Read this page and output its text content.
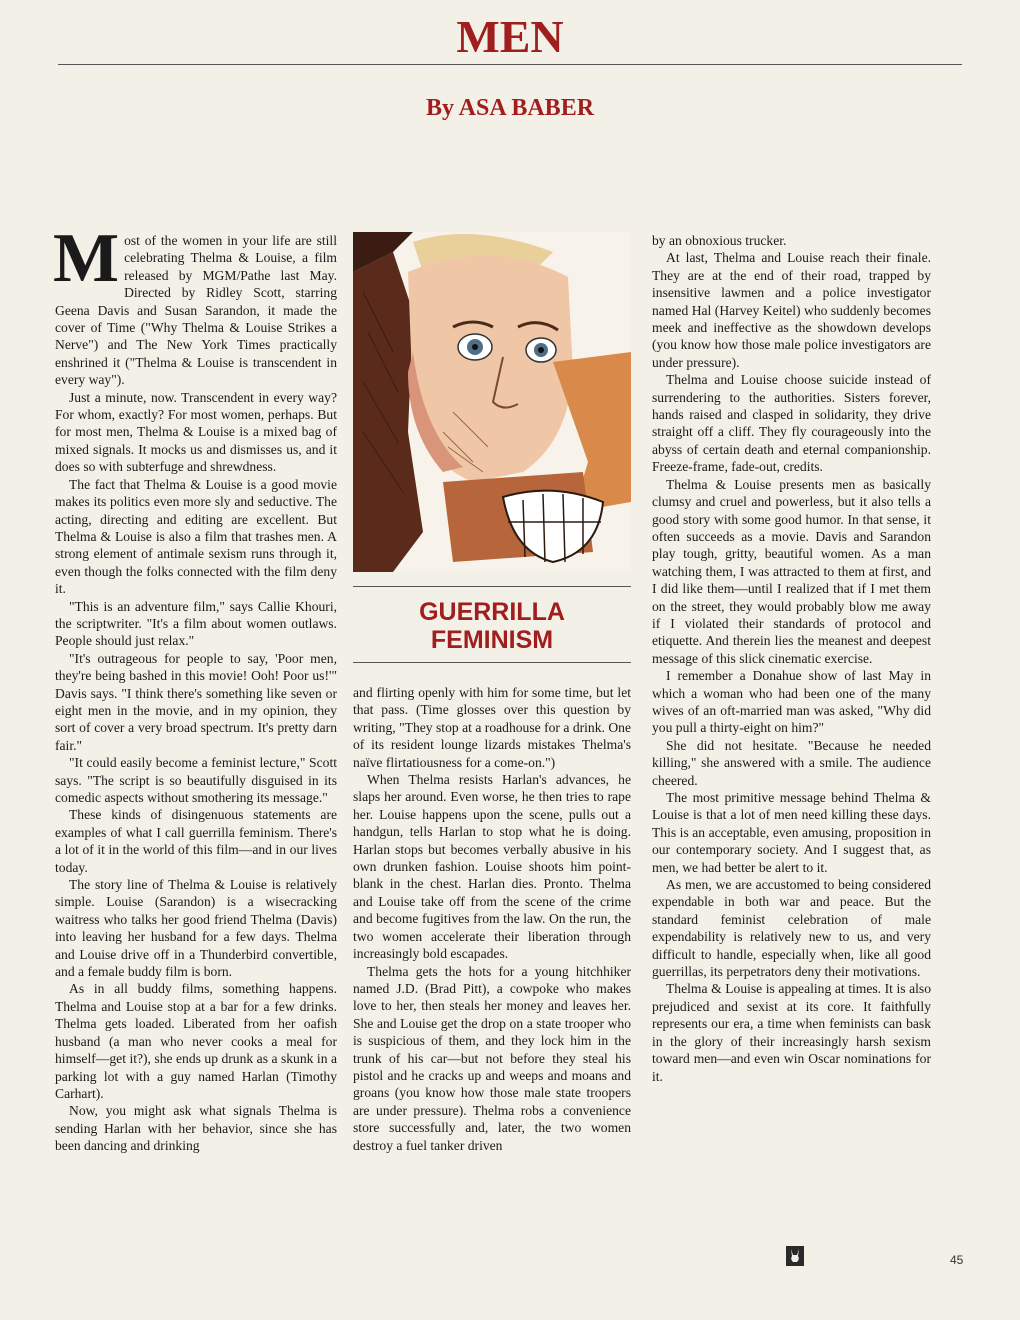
MEN
By ASA BABER
M ost of the women in your life are still celebrating Thelma & Louise, a film released by MGM/Pathe last May. Directed by Ridley Scott, starring Geena Davis and Susan Sarandon, it made the cover of Time ("Why Thelma & Louise Strikes a Nerve") and The New York Times practically enshrined it ("Thelma & Louise is transcendent in every way").

Just a minute, now. Transcendent in every way? For whom, exactly? For most women, perhaps. But for most men, Thelma & Louise is a mixed bag of mixed signals. It mocks us and dismisses us, and it does so with subterfuge and shrewdness.

The fact that Thelma & Louise is a good movie makes its politics even more sly and seductive. The acting, directing and editing are excellent. But Thelma & Louise is also a film that trashes men. A strong element of antimale sexism runs through it, even though the folks connected with the film deny it.

"This is an adventure film," says Callie Khouri, the scriptwriter. "It's a film about women outlaws. People should just relax."

"It's outrageous for people to say, 'Poor men, they're being bashed in this movie! Ooh! Poor us!'" Davis says. "I think there's something like seven or eight men in the movie, and in my opinion, they sort of cover a very broad spectrum. It's pretty darn fair."

"It could easily become a feminist lecture," Scott says. "The script is so beautifully disguised in its comedic aspects without smothering its message."

These kinds of disingenuous statements are examples of what I call guerrilla feminism. There's a lot of it in the world of this film—and in our lives today.

The story line of Thelma & Louise is relatively simple. Louise (Sarandon) is a wisecracking waitress who talks her good friend Thelma (Davis) into leaving her husband for a few days. Thelma and Louise drive off in a Thunderbird convertible, and a female buddy film is born.

As in all buddy films, something happens. Thelma and Louise stop at a bar for a few drinks. Thelma gets loaded. Liberated from her oafish husband (a man who never cooks a meal for himself—get it?), she ends up drunk as a skunk in a parking lot with a guy named Harlan (Timothy Carhart).

Now, you might ask what signals Thelma is sending Harlan with her behavior, since she has been dancing and drinking

GUERRILLA
FEMINISM

and flirting openly with him for some time, but let that pass. (Time glosses over this question by writing, "They stop at a roadhouse for a drink. One of its resident lounge lizards mistakes Thelma's naïve flirtatiousness for a come-on.")

When Thelma resists Harlan's advances, he slaps her around. Even worse, he then tries to rape her. Louise happens upon the scene, pulls out a handgun, tells Harlan to stop what he is doing. Harlan stops but becomes verbally abusive in his own drunken fashion. Louise shoots him point-blank in the chest. Harlan dies. Pronto. Thelma and Louise take off from the scene of the crime and become fugitives from the law. On the run, the two women accelerate their liberation through increasingly bold escapades.

Thelma gets the hots for a young hitchhiker named J.D. (Brad Pitt), a cowpoke who makes love to her, then steals her money and leaves her. She and Louise get the drop on a state trooper who is suspicious of them, and they lock him in the trunk of his car—but not before they steal his pistol and he cracks up and weeps and moans and groans (you know how those male state troopers are under pressure). Thelma robs a convenience store successfully and, later, the two women destroy a fuel tanker driven

by an obnoxious trucker.

At last, Thelma and Louise reach their finale. They are at the end of their road, trapped by insensitive lawmen and a police investigator named Hal (Harvey Keitel) who suddenly becomes meek and ineffective as the showdown develops (you know how those male police investigators are under pressure).

Thelma and Louise choose suicide instead of surrendering to the authorities. Sisters forever, hands raised and clasped in solidarity, they drive straight off a cliff. They fly courageously into the abyss of certain death and eternal companionship. Freeze-frame, fade-out, credits.

Thelma & Louise presents men as basically clumsy and cruel and powerless, but it also tells a good story with some good humor. In that sense, it often succeeds as a movie. Davis and Sarandon play tough, gritty, beautiful women. As a man watching them, I was attracted to them at first, and I did like them—until I realized that if I met them on the street, they would probably blow me away if I violated their standards of protocol and etiquette. And therein lies the meanest and deepest message of this slick cinematic exercise.

I remember a Donahue show of last May in which a woman who had been one of the many wives of an oft-married man was asked, "Why did you pull a thirty-eight on him?"

She did not hesitate. "Because he needed killing," she answered with a smile. The audience cheered.

The most primitive message behind Thelma & Louise is that a lot of men need killing these days. This is an acceptable, even amusing, proposition in our contemporary society. And I suggest that, as men, we had better be alert to it.

As men, we are accustomed to being considered expendable in both war and peace. But the standard feminist celebration of male expendability is relatively new to us, and very difficult to handle, especially when, like all good guerrillas, its perpetrators deny their motivations.

Thelma & Louise is appealing at times. It is also prejudiced and sexist at its core. It faithfully represents our era, a time when feminists can bask in the glory of their increasingly harsh sexism toward men—and even win Oscar nominations for it.

45
